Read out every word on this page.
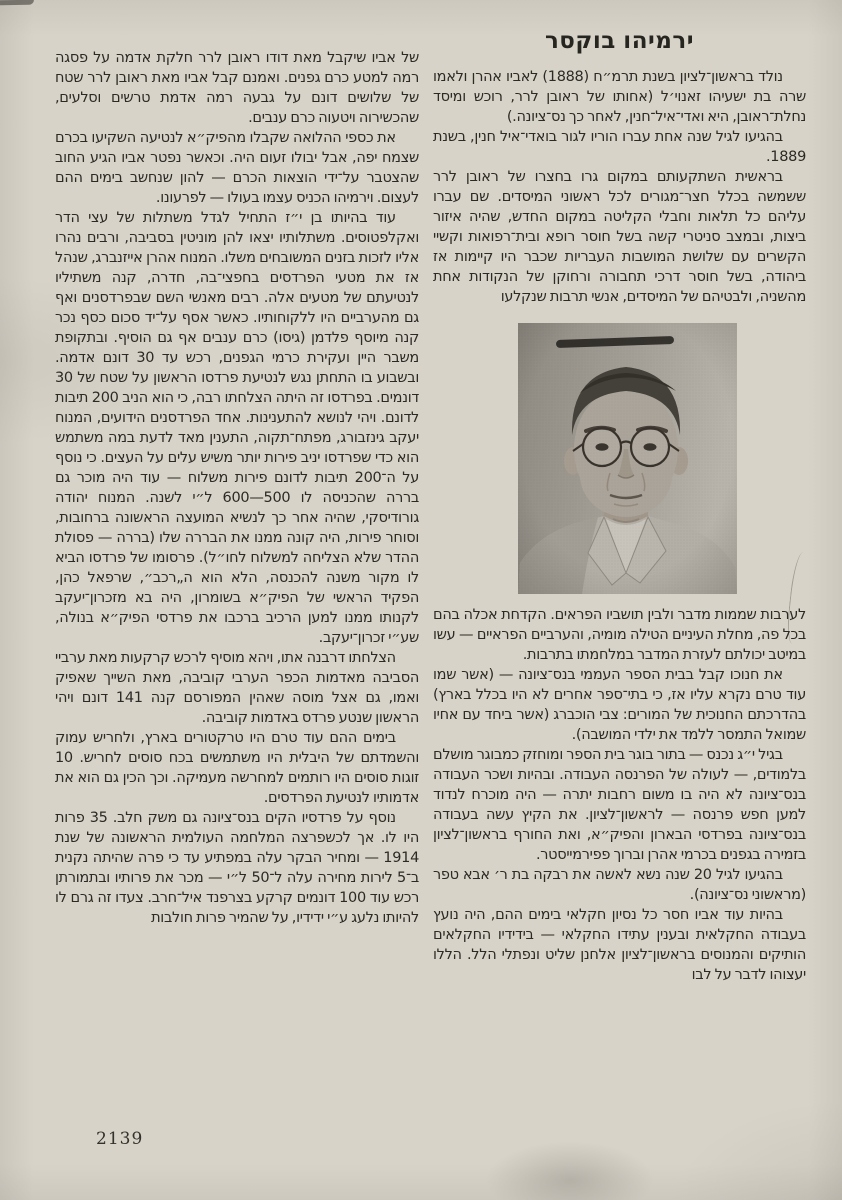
ירמיהו בוקסר

נולד בראשון־לציון בשנת תרמ״ח (1888) לאביו אהרן ולאמו שרה בת ישעיהו זאנוי׳ל (אחותו של ראובן לרר, רוכש ומיסד נחלת־ראובן, היא ואדי־איל־חנין, לאחר כך נס־ציונה.)

בהגיעו לגיל שנה אחת עברו הוריו לגור בואדי־איל חנין, בשנת 1889.

בראשית השתקעותם במקום גרו בחצרו של ראובן לרר ששמשה בכלל חצר־מגורים לכל ראשוני המיסדים. שם עברו עליהם כל תלאות וחבלי הקליטה במקום החדש, שהיה איזור ביצות, ובמצב סניטרי קשה בשל חוסר רופא ובית־רפואות וקשיי הקשרים עם שלושת המושבות העבריות שכבר היו קיימות אז ביהודה, בשל חוסר דרכי תחבורה ורחוקן של הנקודות אחת מהשניה, ולבטיהם של המיסדים, אנשי תרבות שנקלעו

לערבות שממות מדבר ולבין תושביו הפראים. הקדחת אכלה בהם בכל פה, מחלת העיניים הטילה מומיה, והערביים הפראיים — עשו במיטב יכולתם לעזרת המדבר במלחמתו בתרבות.

את חנוכו קבל בבית הספר העממי בנס־ציונה — (אשר שמו עוד טרם נקרא עליו אז, כי בתי־ספר אחרים לא היו בכלל בארץ) בהדרכתם החנוכית של המורים: צבי הוכברג (אשר ביחד עם אחיו שמואל התמסר ללמד את ילדי המושבה).

בגיל י״ג נכנס — בתור בוגר בית הספר ומוחזק כמבוגר מושלם בלמודים, — לעולה של הפרנסה העבודה. ובהיות ושכר העבודה בנס־ציונה לא היה בו משום רחבות יתרה — היה מוכרח לנדוד למען חפש פרנסה — לראשון־לציון. את הקיץ עשה בעבודה בנס־ציונה בפרדסי הבארון והפיק״א, ואת החורף בראשון־לציון בזמירה בגפנים בכרמי אהרן וברוך פפירמייסטר.

בהגיעו לגיל 20 שנה נשא לאשה את רבקה בת ר׳ אבא טפר (מראשוני נס־ציונה).

בהיות עוד אביו חסר כל נסיון חקלאי בימים ההם, היה נועץ בעבודה החקלאית ובענין עתידו החקלאי — בידידיו החקלאים הותיקים והמנוסים בראשון־לציון אלחנן שליט ונפתלי הלל. הללו יעצוהו לדבר על לבו

של אביו שיקבל מאת דודו ראובן לרר חלקת אדמה על פסגה רמה למטע כרם גפנים. ואמנם קבל אביו מאת ראובן לרר שטח של שלושים דונם על גבעה רמה אדמת טרשים וסלעים, שהכשירוה ויטעוה כרם ענבים.

את כספי ההלואה שקבלו מהפיק״א לנטיעה השקיעו בכרם שצמח יפה, אבל יבולו זעום היה. וכאשר נפטר אביו הגיע החוב שהצטבר על־ידי הוצאות הכרם — להון שנחשב בימים ההם לעצום. וירמיהו הכניס עצמו בעולו — לפרעונו.

עוד בהיותו בן י״ז התחיל לגדל משתלות של עצי הדר ואקלפטוסים. משתלותיו יצאו להן מוניטין בסביבה, ורבים נהרו אליו לזכות בזנים המשובחים משלו. המנוח אהרן אייזנברג, שנהל אז את מטעי הפרדסים בחפצי־בה, חדרה, קנה משתיליו לנטיעתם של מטעים אלה. רבים מאנשי השם שבפרדסנים ואף גם מהערביים היו ללקוחותיו. כאשר אסף על־יד סכום כסף נכר קנה מיוסף פלדמן (גיסו) כרם ענבים אף גם הוסיף. ובתקופת משבר היין ועקירת כרמי הגפנים, רכש עד 30 דונם אדמה. ובשבוע בו התחתן נגש לנטיעת פרדסו הראשון על שטח של 30 דונמים. בפרדסו זה היתה הצלחתו רבה, כי הוא הניב 200 תיבות לדונם. ויהי לנושא להתענינות. אחד הפרדסנים הידועים, המנוח יעקב גינזבורג, מפתח־תקוה, התענין מאד לדעת במה משתמש הוא כדי שפרדסו יניב פירות יותר משיש עלים על העצים. כי נוסף על ה־200 תיבות לדונם פירות משלוח — עוד היה מוכר גם בררה שהכניסה לו 500—600 ל״י לשנה. המנוח יהודה גורודיסקי, שהיה אחר כך לנשיא המועצה הראשונה ברחובות, וסוחר פירות, היה קונה ממנו את הבררה שלו (בררה — פסולת ההדר שלא הצליחה למשלוח לחו״ל). פרסומו של פרדסו הביא לו מקור משנה להכנסה, הלא הוא ה„רכב״, שרפאל כהן, הפקיד הראשי של הפיק״א בשומרון, היה בא מזכרון־יעקב לקנותו ממנו למען הרכיב ברכבו את פרדסי הפיק״א בנולה, שע״י זכרון־יעקב.

הצלחתו דרבנה אתו, ויהא מוסיף לרכש קרקעות מאת ערביי הסביבה מאדמות הכפר הערבי קוביבה, מאת השייך שאפיק ואמו, גם אצל מוסה שאהין המפורסם קנה 141 דונם ויהי הראשון שנטע פרדס באדמות קוביבה.

בימים ההם עוד טרם היו טרקטורים בארץ, ולחריש עמוק והשמדתם של היבלית היו משתמשים בכח סוסים לחריש. 10 זוגות סוסים היו רותמים למחרשה מעמיקה. וכך הכין גם הוא את אדמותיו לנטיעת הפרדסים.

נוסף על פרדסיו הקים בנס־ציונה גם משק חלב. 35 פרות היו לו. אך לכשפרצה המלחמה העולמית הראשונה של שנת 1914 — ומחיר הבקר עלה במפתיע עד כי פרה שהיתה נקנית ב־5 לירות מחירה עלה ל־50 ל״י — מכר את פרותיו ובתמורתן רכש עוד 100 דונמים קרקע בצרפנד איל־חרב. צעדו זה גרם לו להיותו נלעג ע״י ידידיו, על שהמיר פרות חולבות

2139
